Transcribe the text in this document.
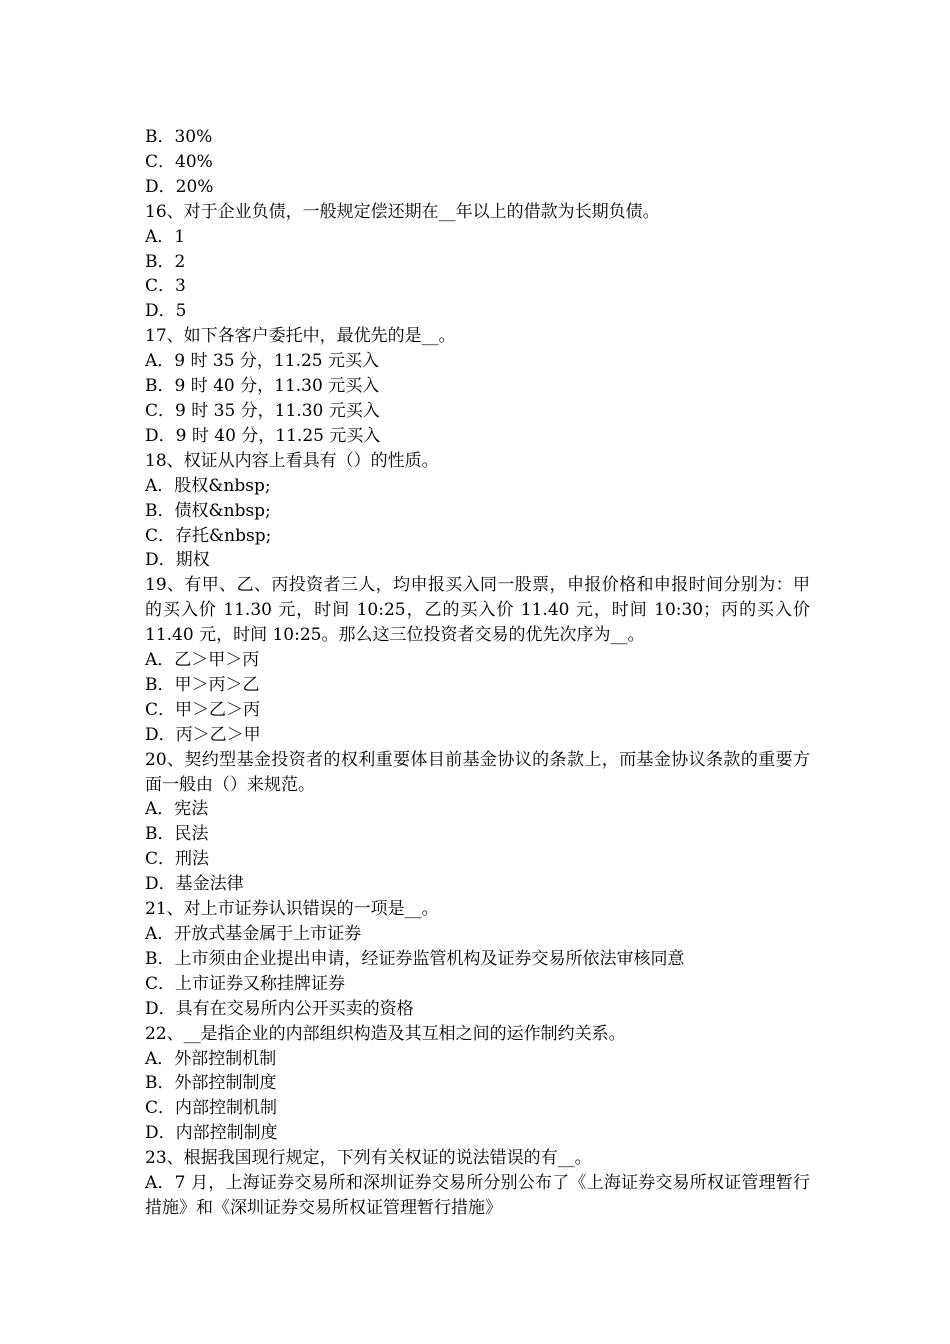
B．30%

C．40%

D．20%

16、对于企业负债，一般规定偿还期在__年以上的借款为长期负债。

A．1

B．2

C．3

D．5

17、如下各客户委托中，最优先的是__。

A．9 时 35 分，11.25 元买入

B．9 时 40 分，11.30 元买入

C．9 时 35 分，11.30 元买入

D．9 时 40 分，11.25 元买入

18、权证从内容上看具有（）的性质。

A．股权&nbsp;

B．债权&nbsp;

C．存托&nbsp;

D．期权

19、有甲、乙、丙投资者三人，均申报买入同一股票，申报价格和申报时间分别为：甲的买入价 11.30 元，时间 10:25，乙的买入价 11.40 元，时间 10:30；丙的买入价 11.40 元，时间 10:25。那么这三位投资者交易的优先次序为__。

A．乙＞甲＞丙

B．甲＞丙＞乙

C．甲＞乙＞丙

D．丙＞乙＞甲

20、契约型基金投资者的权利重要体目前基金协议的条款上，而基金协议条款的重要方面一般由（）来规范。

A．宪法

B．民法

C．刑法

D．基金法律

21、对上市证券认识错误的一项是__。

A．开放式基金属于上市证券

B．上市须由企业提出申请，经证券监管机构及证券交易所依法审核同意

C．上市证券又称挂牌证券

D．具有在交易所内公开买卖的资格

22、__是指企业的内部组织构造及其互相之间的运作制约关系。

A．外部控制机制

B．外部控制制度

C．内部控制机制

D．内部控制制度

23、根据我国现行规定，下列有关权证的说法错误的有__。

A．7 月，上海证券交易所和深圳证券交易所分别公布了《上海证券交易所权证管理暂行措施》和《深圳证券交易所权证管理暂行措施》
